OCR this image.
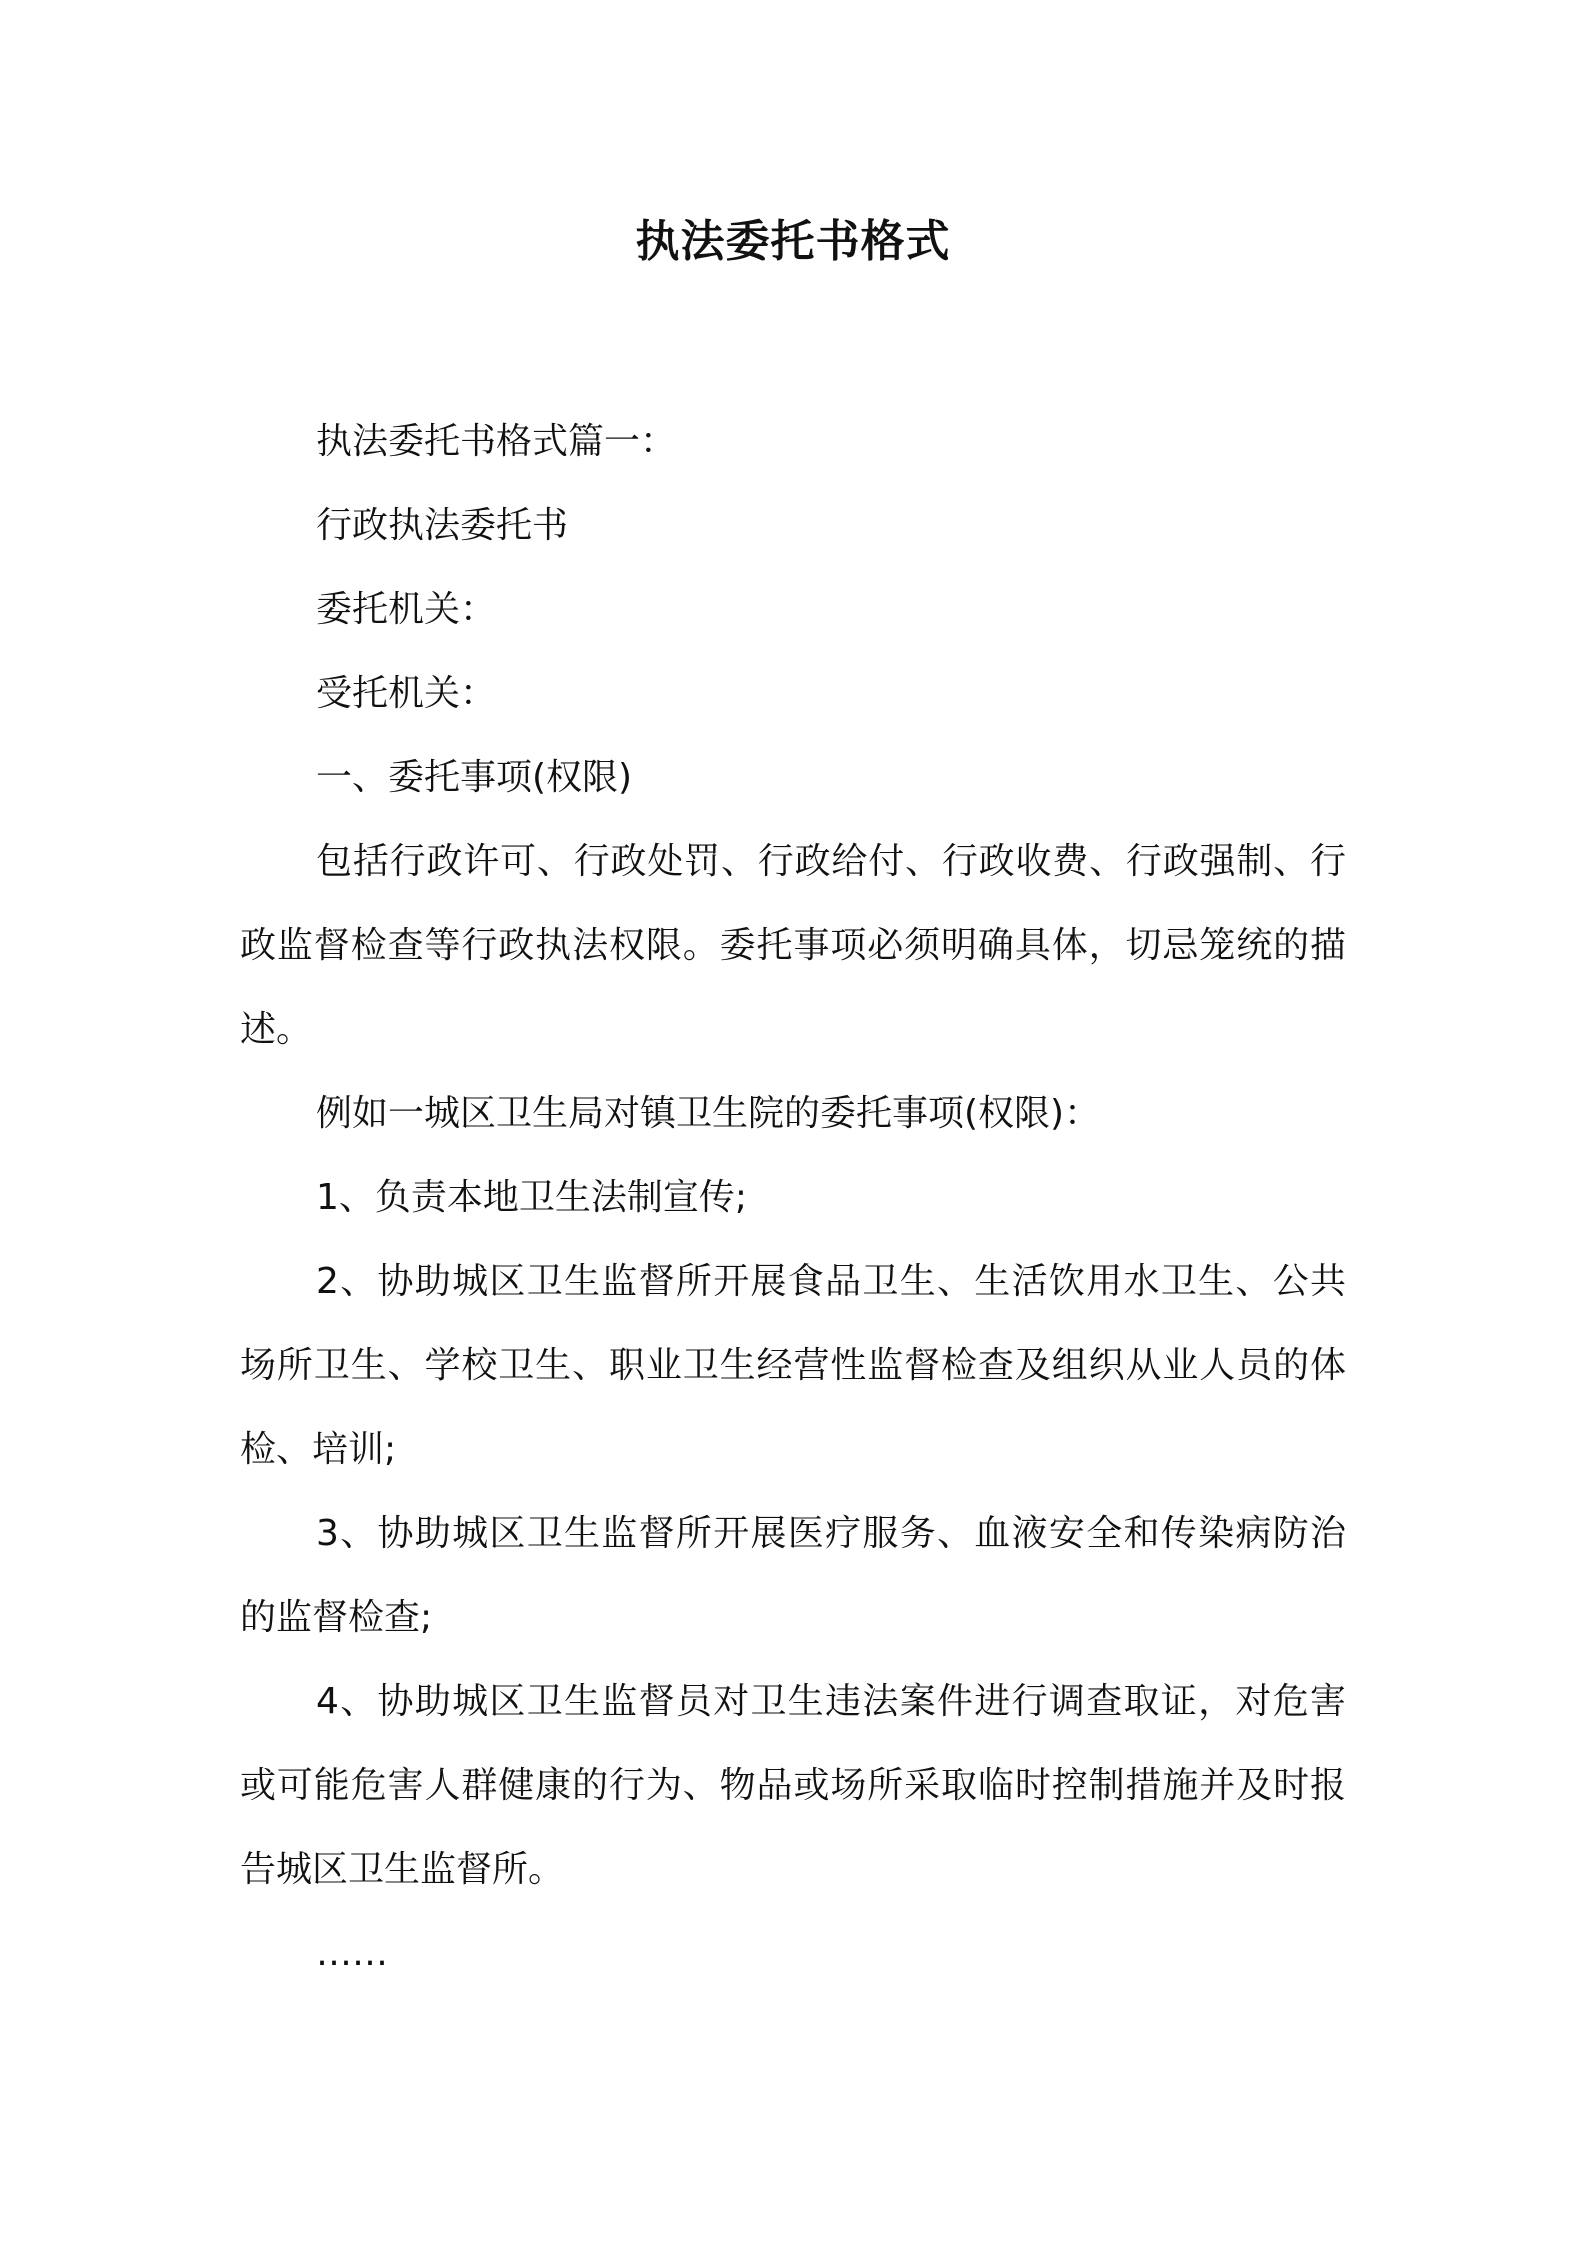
执法委托书格式

执法委托书格式篇一：

行政执法委托书

委托机关：

受托机关：

一、委托事项(权限)

包括行政许可、行政处罚、行政给付、行政收费、行政强制、行政监督检查等行政执法权限。委托事项必须明确具体，切忌笼统的描述。

例如一城区卫生局对镇卫生院的委托事项(权限)：

1、负责本地卫生法制宣传;

2、协助城区卫生监督所开展食品卫生、生活饮用水卫生、公共场所卫生、学校卫生、职业卫生经营性监督检查及组织从业人员的体检、培训;

3、协助城区卫生监督所开展医疗服务、血液安全和传染病防治的监督检查;

4、协助城区卫生监督员对卫生违法案件进行调查取证，对危害或可能危害人群健康的行为、物品或场所采取临时控制措施并及时报告城区卫生监督所。

……
